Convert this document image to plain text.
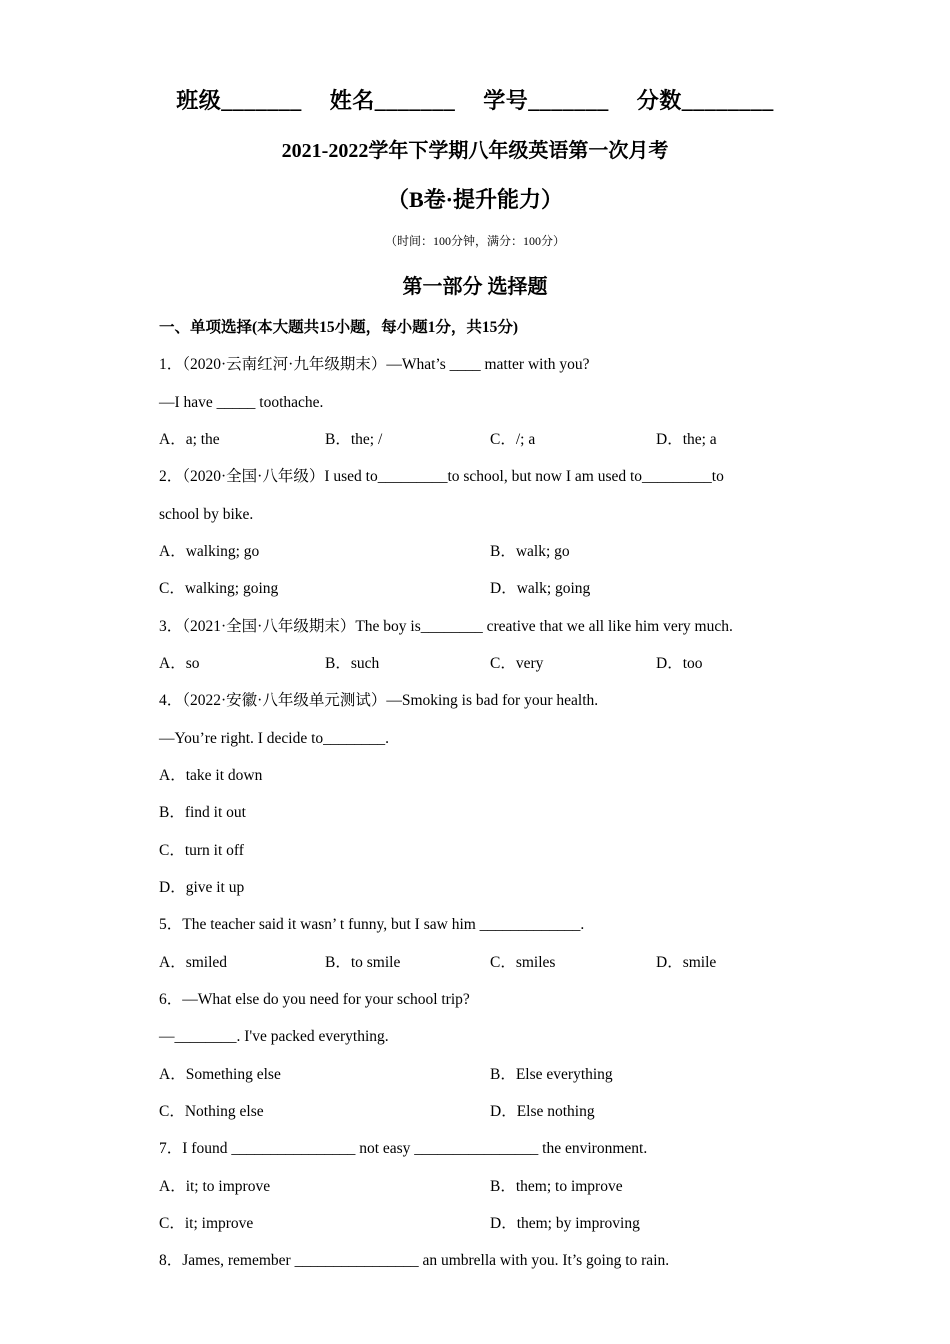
班级_______ 姓名_______ 学号_______ 分数________
2021-2022学年下学期八年级英语第一次月考
（B卷·提升能力）
（时间：100分钟，满分：100分）
第一部分 选择题
一、单项选择(本大题共15小题，每小题1分，共15分)
1．（2020·云南红河·九年级期末）—What’s ____ matter with you?
—I have _____ toothache.
A．a; the	B．the; /	C．/; a	D．the; a
2．（2020·全国·八年级）I used to_________to school, but now I am used to_________to
school by bike.
A．walking; go	B．walk; go
C．walking; going	D．walk; going
3．（2021·全国·八年级期末）The boy is________ creative that we all like him very much.
A．so	B．such	C．very	D．too
4．（2022·安徽·八年级单元测试）—Smoking is bad for your health.
—You’re right. I decide to________.
A．take it down
B．find it out
C．turn it off
D．give it up
5．The teacher said it wasn’ t funny, but I saw him _____________.
A．smiled	B．to smile	C．smiles	D．smile
6．—What else do you need for your school trip?
—________. I've packed everything.
A．Something else	B．Else everything
C．Nothing else	D．Else nothing
7．I found ________________ not easy ________________ the environment.
A．it; to improve	B．them; to improve
C．it; improve	D．them; by improving
8．James, remember ________________ an umbrella with you. It’s going to rain.
